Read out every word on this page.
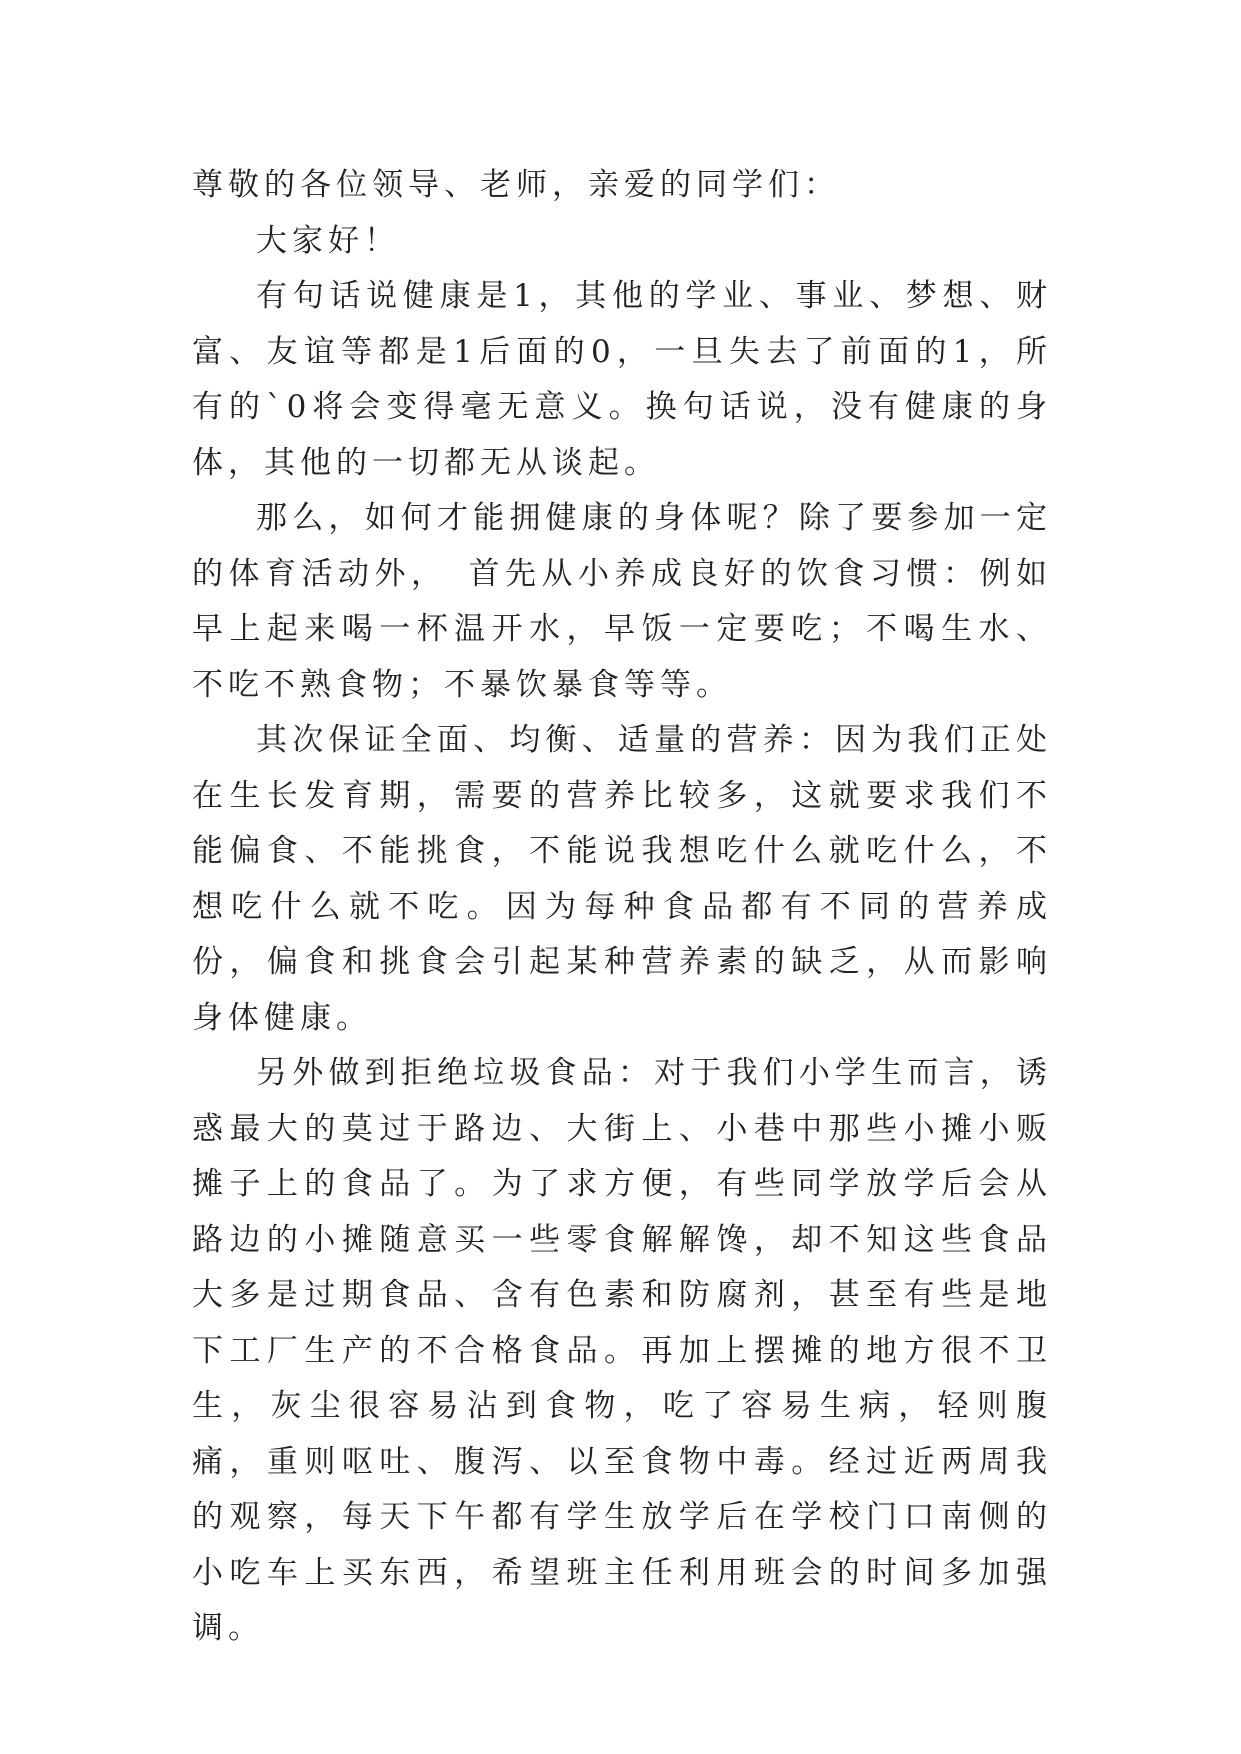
尊敬的各位领导、老师，亲爱的同学们：

大家好！

有句话说健康是1，其他的学业、事业、梦想、财富、友谊等都是1后面的0，一旦失去了前面的1，所有的`0将会变得毫无意义。换句话说，没有健康的身体，其他的一切都无从谈起。

那么，如何才能拥健康的身体呢？除了要参加一定的体育活动外，　首先从小养成良好的饮食习惯：例如早上起来喝一杯温开水，早饭一定要吃；不喝生水、不吃不熟食物；不暴饮暴食等等。

其次保证全面、均衡、适量的营养：因为我们正处在生长发育期，需要的营养比较多，这就要求我们不能偏食、不能挑食，不能说我想吃什么就吃什么，不想吃什么就不吃。因为每种食品都有不同的营养成份，偏食和挑食会引起某种营养素的缺乏，从而影响身体健康。

另外做到拒绝垃圾食品：对于我们小学生而言，诱惑最大的莫过于路边、大街上、小巷中那些小摊小贩摊子上的食品了。为了求方便，有些同学放学后会从路边的小摊随意买一些零食解解馋，却不知这些食品大多是过期食品、含有色素和防腐剂，甚至有些是地下工厂生产的不合格食品。再加上摆摊的地方很不卫生，灰尘很容易沾到食物，吃了容易生病，轻则腹痛，重则呕吐、腹泻、以至食物中毒。经过近两周我的观察，每天下午都有学生放学后在学校门口南侧的小吃车上买东西，希望班主任利用班会的时间多加强调。
